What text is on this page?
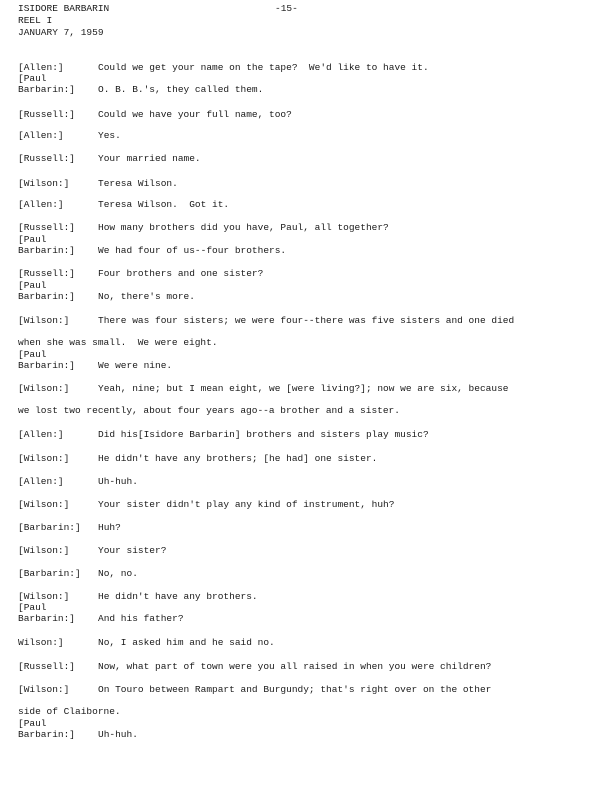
ISIDORE BARBARIN
REEL I
JANUARY 7, 1959
-15-
[Allen:]	Could we get your name on the tape?  We'd like to have it.
[Paul
Barbarin:]	O. B. B.'s, they called them.
[Russell:]	Could we have your full name, too?
[Allen:]	Yes.
[Russell:]	Your married name.
[Wilson:]	Teresa Wilson.
[Allen:]	Teresa Wilson.  Got it.
[Russell:]	How many brothers did you have, Paul, all together?
[Paul
Barbarin:]	We had four of us--four brothers.
[Russell:]	Four brothers and one sister?
[Paul
Barbarin:]	No, there's more.
[Wilson:]	There was four sisters; we were four--there was five sisters and one died
when she was small.  We were eight.
[Paul
Barbarin:]	We were nine.
[Wilson:]	Yeah, nine; but I mean eight, we [were living?]; now we are six, because
we lost two recently, about four years ago--a brother and a sister.
[Allen:]	Did his[Isidore Barbarin] brothers and sisters play music?
[Wilson:]	He didn't have any brothers; [he had] one sister.
[Allen:]	Uh-huh.
[Wilson:]	Your sister didn't play any kind of instrument, huh?
[Barbarin:]	Huh?
[Wilson:]	Your sister?
[Barbarin:]	No, no.
[Wilson:]	He didn't have any brothers.
[Paul
Barbarin:]	And his father?
Wilson:]	No, I asked him and he said no.
[Russell:]	Now, what part of town were you all raised in when you were children?
[Wilson:]	On Touro between Rampart and Burgundy; that's right over on the other
side of Claiborne.
[Paul
Barbarin:]	Uh-huh.
